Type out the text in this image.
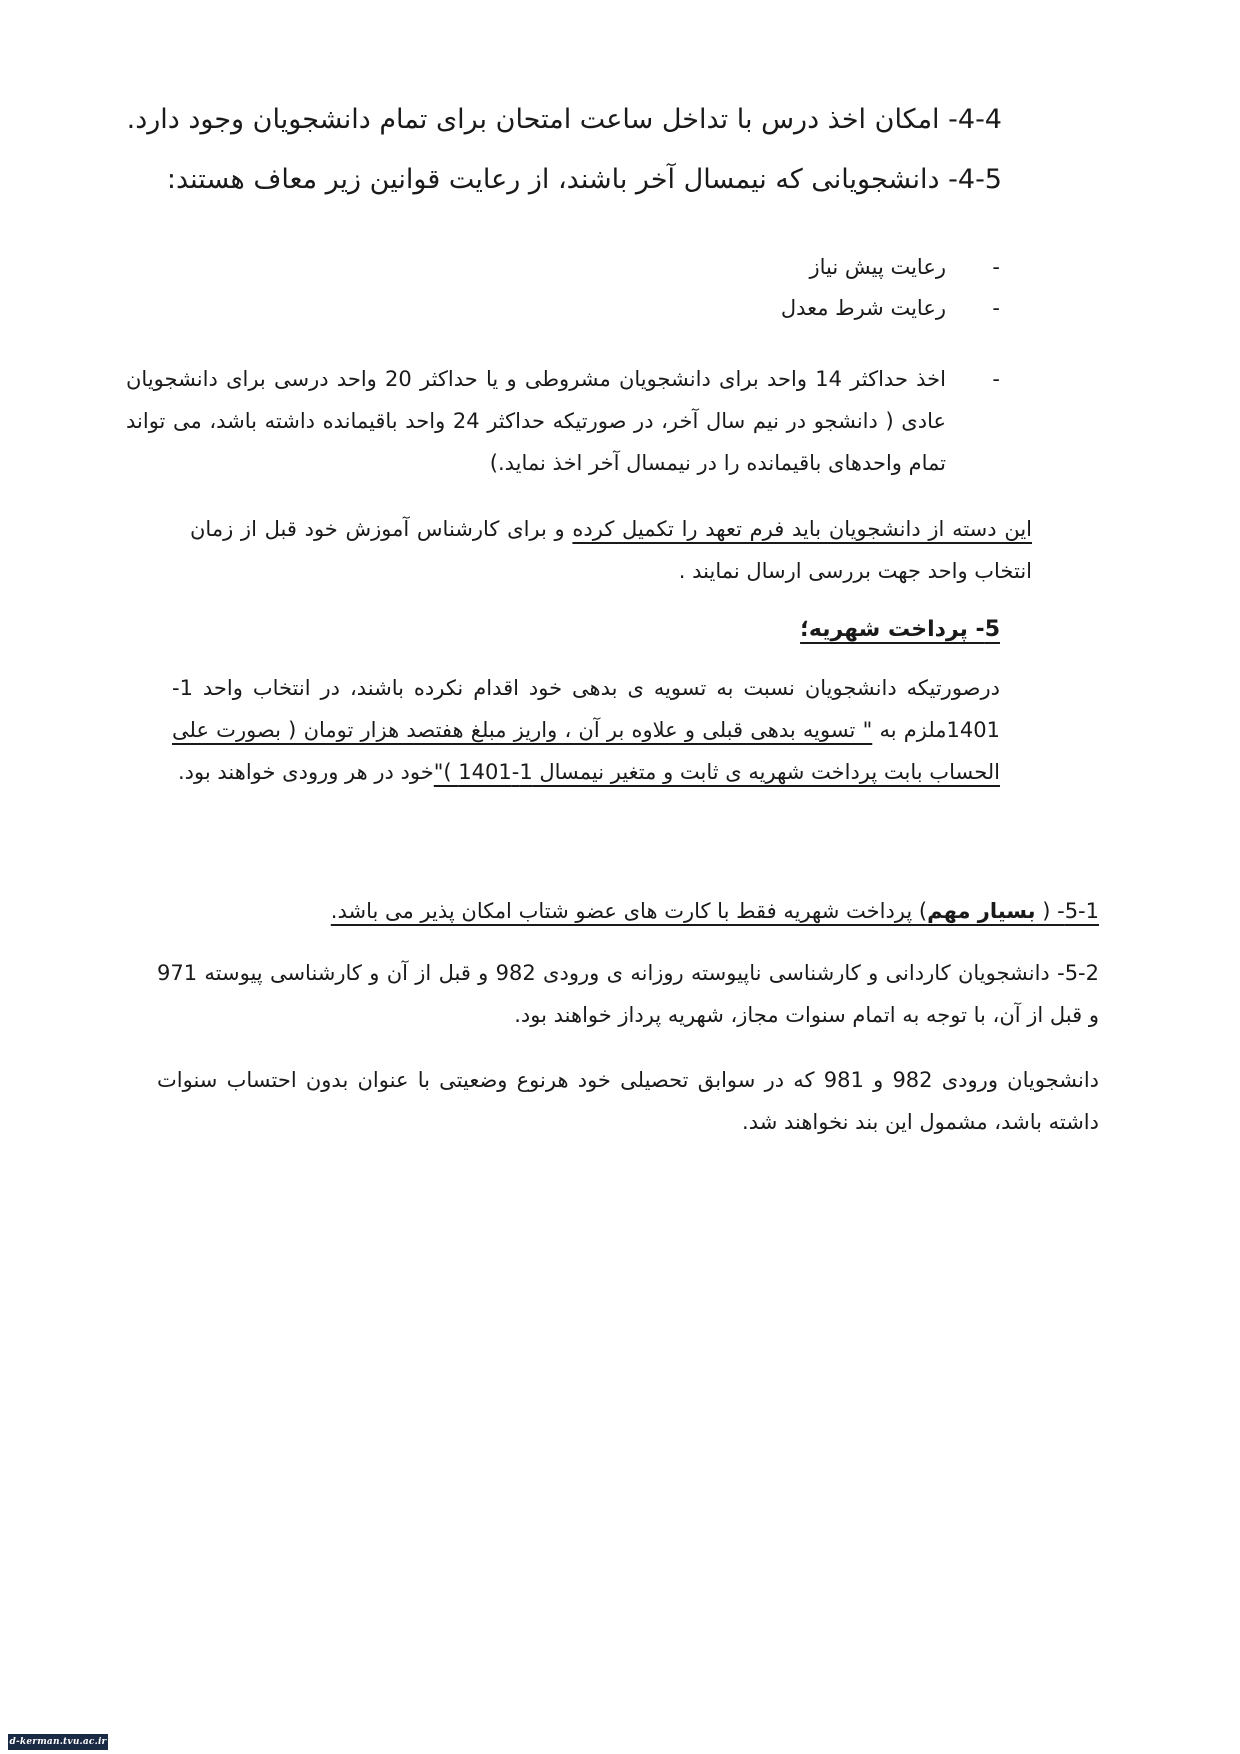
4-4- امکان اخذ درس با تداخل ساعت امتحان برای تمام دانشجویان وجود دارد.
4-5- دانشجویانی که نیمسال آخر باشند، از رعایت قوانین زیر معاف هستند:
-رعایت پیش نیاز
-رعایت شرط معدل
-
اخذ حداکثر 14 واحد برای دانشجویان مشروطی و یا حداکثر 20 واحد درسی برای دانشجویان عادی ( دانشجو در نیم سال آخر، در صورتیکه حداکثر 24 واحد باقیمانده داشته باشد، می تواند تمام واحدهای باقیمانده را در نیمسال آخر اخذ نماید.)
این دسته از دانشجویان باید فرم تعهد را تکمیل کرده و برای کارشناس آموزش خود قبل از زمان انتخاب واحد جهت بررسی ارسال نمایند .
5- پرداخت شهریه؛
درصورتیکه دانشجویان نسبت به تسویه ی بدهی خود اقدام نکرده باشند، در انتخاب واحد 1-1401ملزم به " تسویه بدهی قبلی و علاوه بر آن ، واریز مبلغ هفتصد هزار تومان ( بصورت علی الحساب بابت پرداخت شهریه ی ثابت و متغیر نیمسال 1-1401 )"خود در هر ورودی خواهند بود.
5-1- ( بسیار مهم) پرداخت شهریه فقط با کارت های عضو شتاب امکان پذیر می باشد.
5-2- دانشجویان کاردانی و کارشناسی ناپیوسته روزانه ی ورودی 982 و قبل از آن و کارشناسی پیوسته 971 و قبل از آن، با توجه به اتمام سنوات مجاز، شهریه پرداز خواهند بود.
دانشجویان ورودی 982 و 981 که در سوابق تحصیلی خود هرنوع وضعیتی با عنوان بدون احتساب سنوات داشته باشد، مشمول این بند نخواهند شد.
d-kerman.tvu.ac.ir
